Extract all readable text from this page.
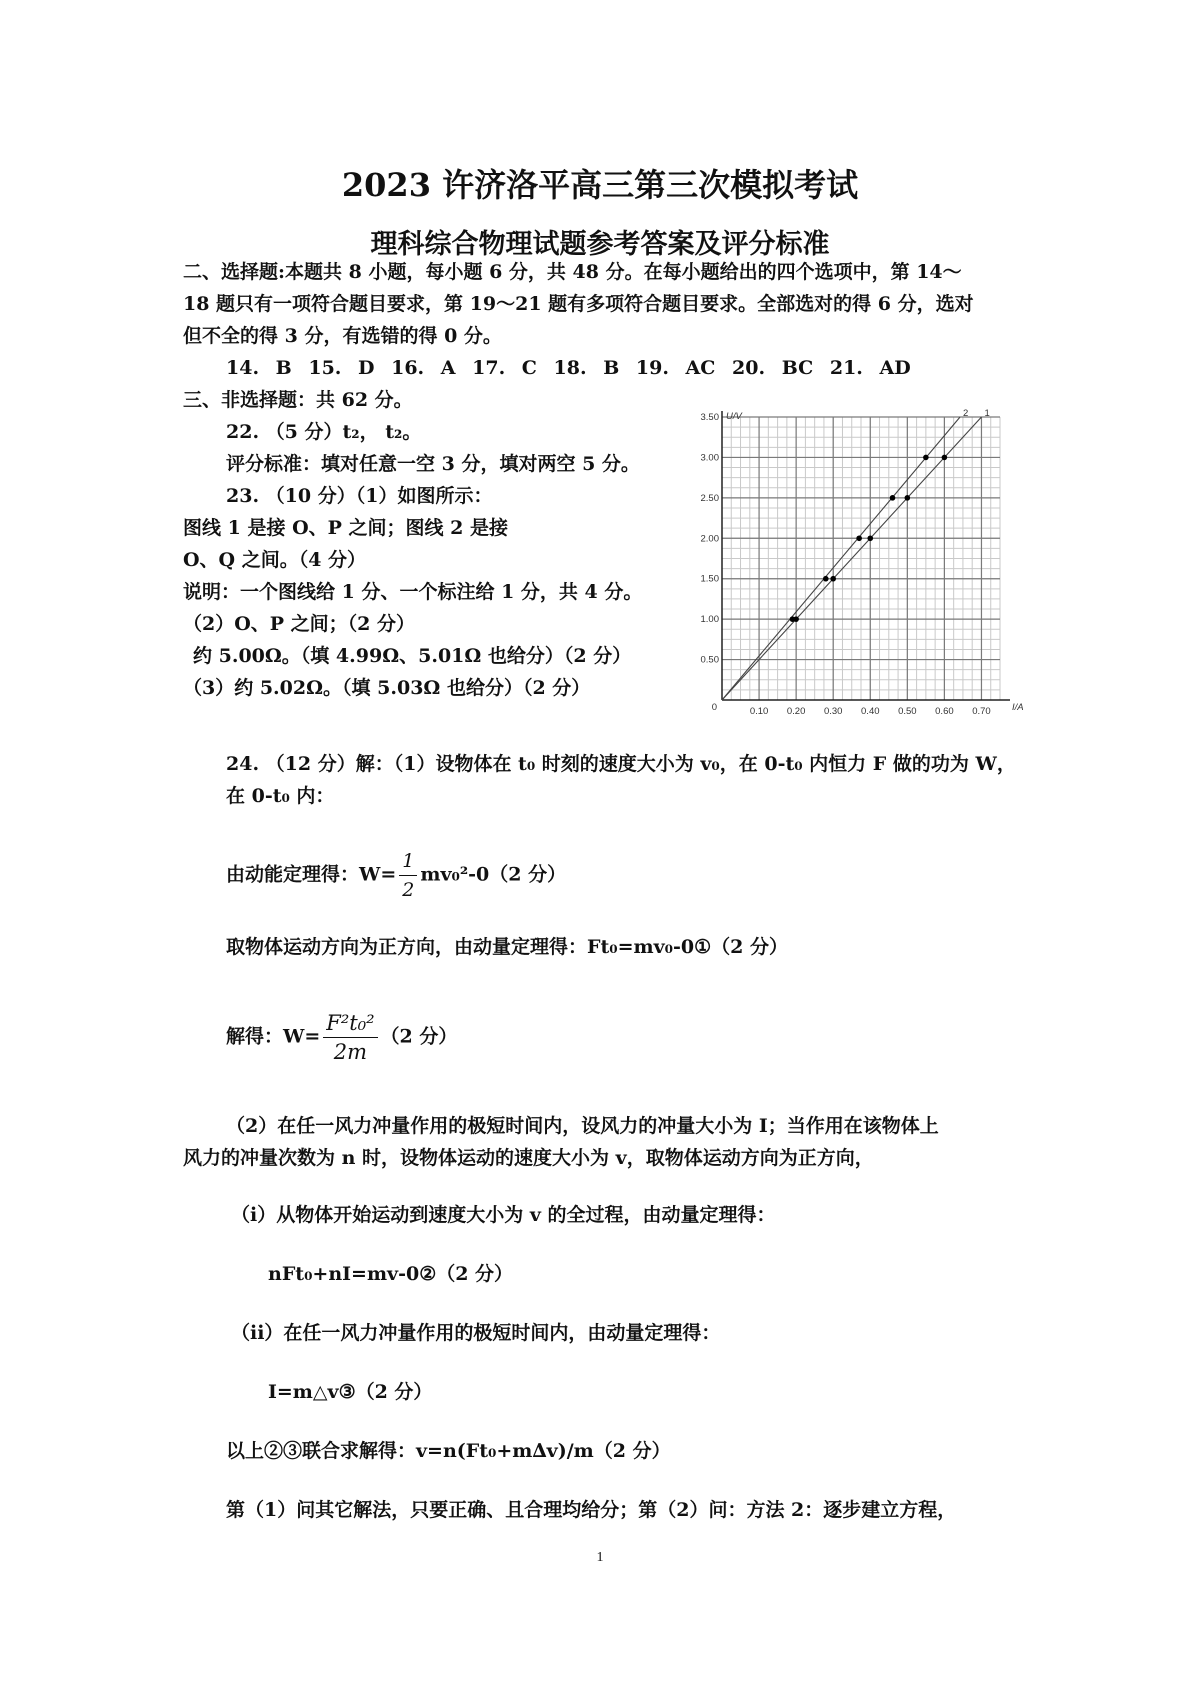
2023 许济洛平高三第三次模拟考试
理科综合物理试题参考答案及评分标准
二、选择题:本题共 8 小题，每小题 6 分，共 48 分。在每小题给出的四个选项中，第 14～
18 题只有一项符合题目要求，第 19～21 题有多项符合题目要求。全部选对的得 6 分，选对
但不全的得 3 分，有选错的得 0 分。
14. B 15. D 16. A 17. C 18. B 19. AC 20. BC 21. AD
三、非选择题：共 62 分。
22. （5 分）t₂， t₂。
评分标准：填对任意一空 3 分，填对两空 5 分。
23. （10 分）（1）如图所示：
图线 1 是接 O、P 之间；图线 2 是接
O、Q 之间。（4 分）
说明：一个图线给 1 分、一个标注给 1 分，共 4 分。
（2）O、P 之间；（2 分）
约 5.00Ω。（填 4.99Ω、5.01Ω 也给分）（2 分）
（3）约 5.02Ω。（填 5.03Ω 也给分）（2 分）
0.10 0.20 0.30 0.40 0.50 0.60 0.70
0.50
1.00
1.50
2.00
2.50
3.00
3.50
0
1
2
I/A
U/V
24. （12 分）解：（1）设物体在 t₀ 时刻的速度大小为 v₀，在 0-t₀ 内恒力 F 做的功为 W，
在 0-t₀ 内：
由动能定理得：$W= \frac{1}{2} mv_0^2-0(2$ 分）
取物体运动方向为正方向，由动量定理得：Ft₀=mv₀-0①（2 分）
解得：$W= \frac{\text{F²t₀²}}{2m} (2$ 分）
（2）在任一风力冲量作用的极短时间内，设风力的冲量大小为 I；当作用在该物体上
风力的冲量次数为 n 时，设物体运动的速度大小为 v，取物体运动方向为正方向，
（i）从物体开始运动到速度大小为 v 的全过程，由动量定理得：
nFt₀+nI=mv-0②（2 分）
（ii）在任一风力冲量作用的极短时间内，由动量定理得：
I=m△v③（2 分）
以上②③联合求解得：v=n(Ft₀+m∆v)/m（2 分）
第（1）问其它解法，只要正确、且合理均给分；第（2）问：方法 2：逐步建立方程，
1
